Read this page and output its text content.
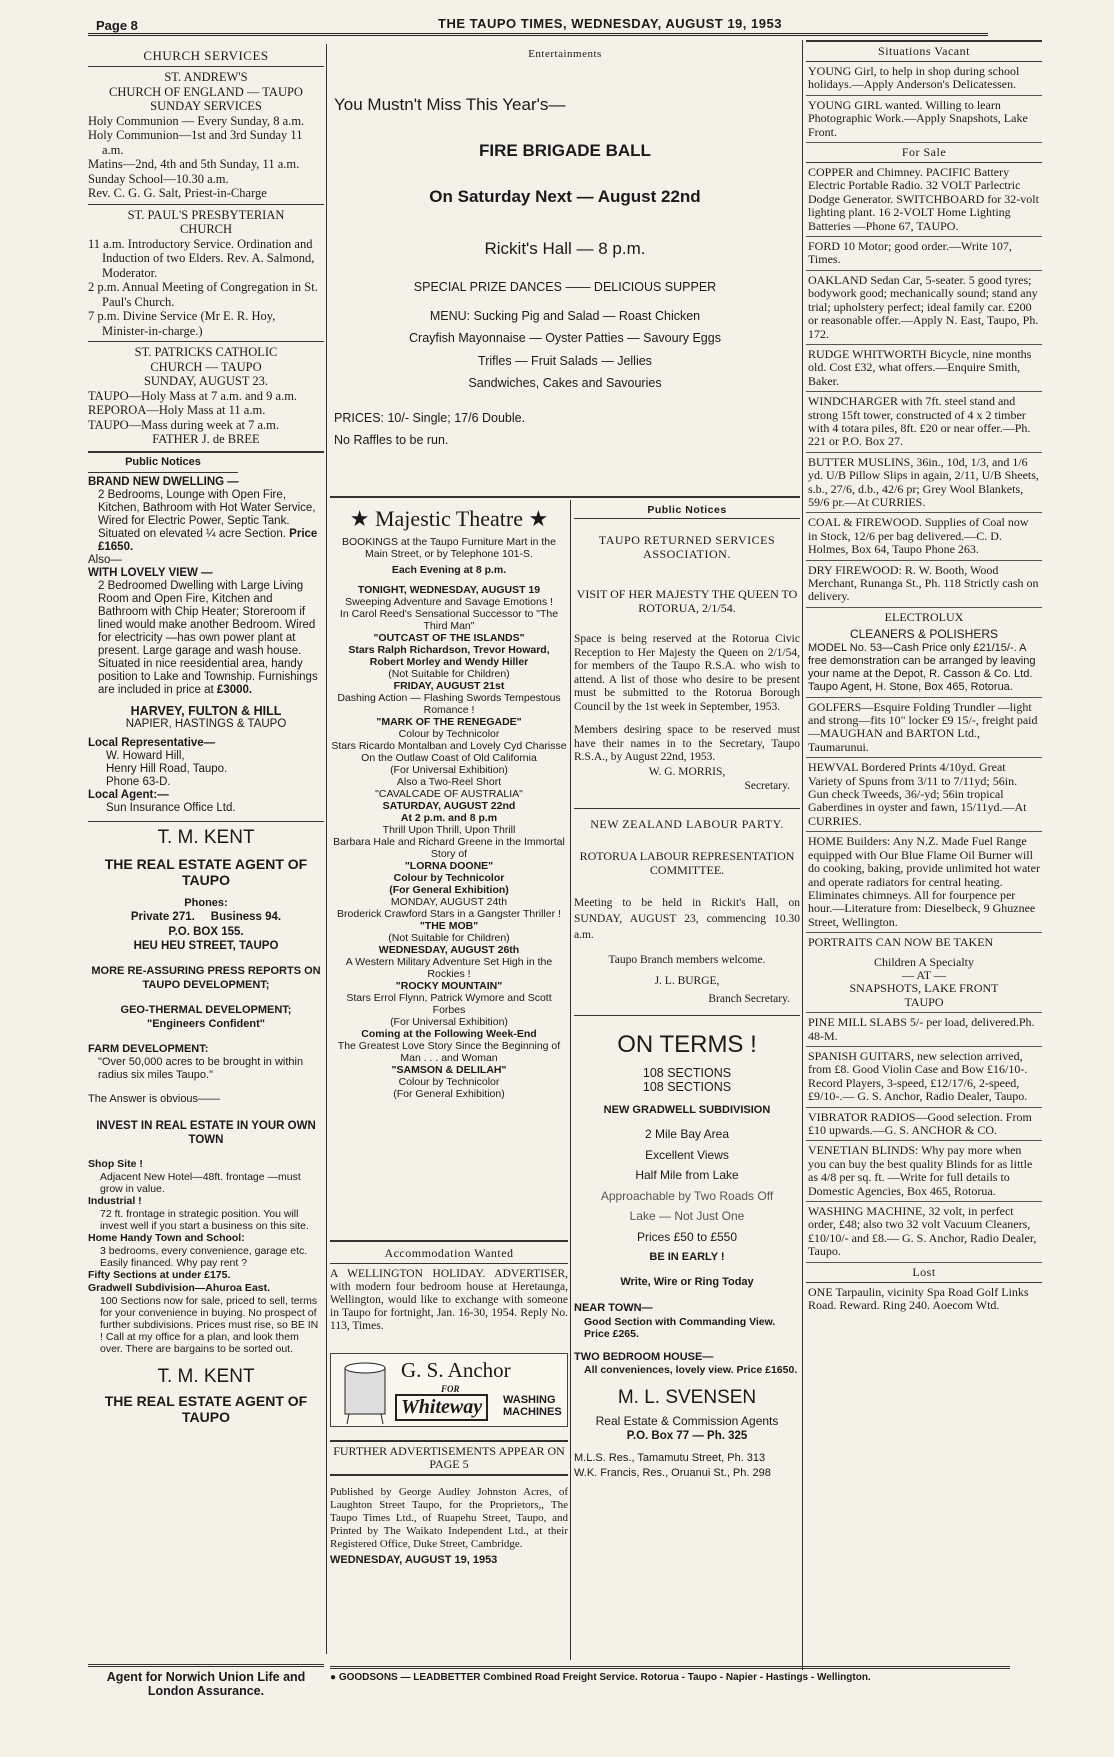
Page 8	THE TAUPO TIMES, WEDNESDAY, AUGUST 19, 1953
CHURCH SERVICES

ST. ANDREW'S

CHURCH OF ENGLAND — TAUPO

SUNDAY SERVICES

Holy Communion — Every Sunday, 8 a.m.

Holy Communion—1st and 3rd Sunday 11 a.m.

Matins—2nd, 4th and 5th Sunday, 11 a.m.

Sunday School—10.30 a.m.

Rev. C. G. G. Salt, Priest-in-Charge

ST. PAUL'S PRESBYTERIAN

CHURCH

11 a.m. Introductory Service. Ordination and Induction of two Elders. Rev. A. Salmond, Moderator.

2 p.m. Annual Meeting of Congregation in St. Paul's Church.

7 p.m. Divine Service (Mr E. R. Hoy, Minister-in-charge.)

ST. PATRICKS CATHOLIC

CHURCH — TAUPO

SUNDAY, AUGUST 23.

TAUPO—Holy Mass at 7 a.m. and 9 a.m.

REPOROA—Holy Mass at 11 a.m.

TAUPO—Mass during week at 7 a.m.

FATHER J. de BREE

Public Notices

BRAND NEW DWELLING —

2 Bedrooms, Lounge with Open Fire, Kitchen, Bathroom with Hot Water Service, Wired for Electric Power, Septic Tank. Situated on elevated ¼ acre Section. Price £1650.

Also—

WITH LOVELY VIEW —

2 Bedroomed Dwelling with Large Living Room and Open Fire, Kitchen and Bathroom with Chip Heater; Storeroom if lined would make another Bedroom. Wired for electricity —has own power plant at present. Large garage and wash house. Situated in nice reesidential area, handy position to Lake and Township. Furnishings are included in price at £3000.

HARVEY, FULTON & HILL

NAPIER, HASTINGS & TAUPO

Local Representative—

W. Howard Hill,

Henry Hill Road, Taupo.

Phone 63-D.

Local Agent:—

Sun Insurance Office Ltd.

T. M. KENT

THE REAL ESTATE AGENT OF TAUPO

Phones:

Private 271. Business 94.

P.O. BOX 155.

HEU HEU STREET, TAUPO

MORE RE-ASSURING PRESS REPORTS ON TAUPO DEVELOPMENT;

GEO-THERMAL DEVELOPMENT;

"Engineers Confident"

FARM DEVELOPMENT:

"Over 50,000 acres to be brought in within radius six miles Taupo."

The Answer is obvious——

INVEST IN REAL ESTATE IN YOUR OWN TOWN

Shop Site !

Adjacent New Hotel—48ft. frontage —must grow in value.

Industrial !

72 ft. frontage in strategic position. You will invest well if you start a business on this site.

Home Handy Town and School:

3 bedrooms, every convenience, garage etc. Easily financed. Why pay rent ?

Fifty Sections at under £175.

Gradwell Subdivision—Ahuroa East.

100 Sections now for sale, priced to sell, terms for your convenience in buying. No prospect of further subdivisions. Prices must rise, so BE IN ! Call at my office for a plan, and look them over. There are bargains to be sorted out.

T. M. KENT

THE REAL ESTATE AGENT OF TAUPO

Agent for Norwich Union Life and London Assurance.

Entertainments

You Mustn't Miss This Year's—

FIRE BRIGADE BALL

On Saturday Next — August 22nd

Rickit's Hall — 8 p.m.

SPECIAL PRIZE DANCES —— DELICIOUS SUPPER

MENU: Sucking Pig and Salad — Roast Chicken

Crayfish Mayonnaise — Oyster Patties — Savoury Eggs

Trifles — Fruit Salads — Jellies

Sandwiches, Cakes and Savouries

PRICES: 10/- Single; 17/6 Double.

No Raffles to be run.

★ Majestic Theatre ★

BOOKINGS at the Taupo Furniture Mart in the Main Street, or by Telephone 101-S.

Each Evening at 8 p.m.

TONIGHT, WEDNESDAY, AUGUST 19

Sweeping Adventure and Savage Emotions !

In Carol Reed's Sensational Successor to "The Third Man"

"OUTCAST OF THE ISLANDS"

Stars Ralph Richardson, Trevor Howard, Robert Morley and Wendy Hiller

(Not Suitable for Children)

FRIDAY, AUGUST 21st

Dashing Action — Flashing Swords Tempestous Romance !

"MARK OF THE RENEGADE"

Colour by Technicolor

Stars Ricardo Montalban and Lovely Cyd Charisse

On the Outlaw Coast of Old California

(For Universal Exhibition)

Also a Two-Reel Short

"CAVALCADE OF AUSTRALIA"

SATURDAY, AUGUST 22nd

At 2 p.m. and 8 p.m

Thrill Upon Thrill, Upon Thrill

Barbara Hale and Richard Greene in the Immortal Story of

"LORNA DOONE"

Colour by Technicolor

(For General Exhibition)

MONDAY, AUGUST 24th

Broderick Crawford Stars in a Gangster Thriller !

"THE MOB"

(Not Suitable for Children)

WEDNESDAY, AUGUST 26th

A Western Military Adventure Set High in the Rockies !

"ROCKY MOUNTAIN"

Stars Errol Flynn, Patrick Wymore and Scott Forbes

(For Universal Exhibition)

Coming at the Following Week-End

The Greatest Love Story Since the Beginning of Man . . . and Woman

"SAMSON & DELILAH"

Colour by Technicolor

(For General Exhibition)

Accommodation Wanted

A WELLINGTON HOLIDAY. ADVERTISER, with modern four bedroom house at Heretaunga, Wellington, would like to exchange with someone in Taupo for fortnight, Jan. 16-30, 1954. Reply No. 113, Times.

G. S. Anchor
FOR
Whiteway	WASHING
MACHINES

FURTHER ADVERTISEMENTS APPEAR ON PAGE 5

Published by George Audley Johnston Acres, of Laughton Street Taupo, for the Proprietors,, The Taupo Times Ltd., of Ruapehu Street, Taupo, and Printed by The Waikato Independent Ltd., at their Registered Office, Duke Street, Cambridge.

WEDNESDAY, AUGUST 19, 1953

Public Notices

TAUPO RETURNED SERVICES ASSOCIATION.

VISIT OF HER MAJESTY THE QUEEN TO ROTORUA, 2/1/54.

Space is being reserved at the Rotorua Civic Reception to Her Majesty the Queen on 2/1/54, for members of the Taupo R.S.A. who wish to attend. A list of those who desire to be present must be submitted to the Rotorua Borough Council by the 1st week in September, 1953.

Members desiring space to be reserved must have their names in to the Secretary, Taupo R.S.A., by August 22nd, 1953.

W. G. MORRIS,

Secretary.

NEW ZEALAND LABOUR PARTY.

ROTORUA LABOUR REPRESENTATION COMMITTEE.

Meeting to be held in Rickit's Hall, on SUNDAY, AUGUST 23, commencing 10.30 a.m.

Taupo Branch members welcome.

J. L. BURGE,

Branch Secretary.

ON TERMS !

108 SECTIONS

108 SECTIONS

NEW GRADWELL SUBDIVISION

2 Mile Bay Area

Excellent Views

Half Mile from Lake

Approachable by Two Roads Off

Lake — Not Just One

Prices £50 to £550

BE IN EARLY !

Write, Wire or Ring Today

NEAR TOWN—

Good Section with Commanding View. Price £265.

TWO BEDROOM HOUSE—

All conveniences, lovely view. Price £1650.

M. L. SVENSEN

Real Estate & Commission Agents

P.O. Box 77 — Ph. 325

M.L.S. Res., Tamamutu Street, Ph. 313

W.K. Francis, Res., Oruanui St., Ph. 298

● GOODSONS — LEADBETTER Combined Road Freight Service. Rotorua - Taupo - Napier - Hastings - Wellington.
Situations Vacant

YOUNG Girl, to help in shop during school holidays.—Apply Anderson's Delicatessen.

YOUNG GIRL wanted. Willing to learn Photographic Work.—Apply Snapshots, Lake Front.

For Sale

COPPER and Chimney. PACIFIC Battery Electric Portable Radio. 32 VOLT Parlectric Dodge Generator. SWITCHBOARD for 32-volt lighting plant. 16 2-VOLT Home Lighting Batteries —Phone 67, TAUPO.

FORD 10 Motor; good order.—Write 107, Times.

OAKLAND Sedan Car, 5-seater. 5 good tyres; bodywork good; mechanically sound; stand any trial; upholstery perfect; ideal family car. £200 or reasonable offer.—Apply N. East, Taupo, Ph. 172.

RUDGE WHITWORTH Bicycle, nine months old. Cost £32, what offers.—Enquire Smith, Baker.

WINDCHARGER with 7ft. steel stand and strong 15ft tower, constructed of 4 x 2 timber with 4 totara piles, 8ft. £20 or near offer.—Ph. 221 or P.O. Box 27.

BUTTER MUSLINS, 36in., 10d, 1/3, and 1/6 yd. U/B Pillow Slips in again, 2/11, U/B Sheets, s.b., 27/6, d.b., 42/6 pr; Grey Wool Blankets, 59/6 pr.—At CURRIES.

COAL & FIREWOOD. Supplies of Coal now in Stock, 12/6 per bag delivered.—C. D. Holmes, Box 64, Taupo Phone 263.

DRY FIREWOOD: R. W. Booth, Wood Merchant, Runanga St., Ph. 118 Strictly cash on delivery.

ELECTROLUX

CLEANERS & POLISHERS

MODEL No. 53—Cash Price only £21/15/-. A free demonstration can be arranged by leaving your name at the Depot, R. Casson & Co. Ltd. Taupo Agent, H. Stone, Box 465, Rotorua.

GOLFERS—Esquire Folding Trundler —light and strong—fits 10" locker £9 15/-, freight paid—MAUGHAN and BARTON Ltd., Taumarunui.

HEWVAL Bordered Prints 4/10yd. Great Variety of Spuns from 3/11 to 7/11yd; 56in. Gun check Tweeds, 36/-yd; 56in tropical Gaberdines in oyster and fawn, 15/11yd.—At CURRIES.

HOME Builders: Any N.Z. Made Fuel Range equipped with Our Blue Flame Oil Burner will do cooking, baking, provide unlimited hot water and operate radiators for central heating. Eliminates chimneys. All for fourpence per hour.—Literature from: Dieselbeck, 9 Ghuznee Street, Wellington.

PORTRAITS CAN NOW BE TAKEN

Children A Specialty

— AT —

SNAPSHOTS, LAKE FRONT

TAUPO

PINE MILL SLABS 5/- per load, delivered.Ph. 48-M.

SPANISH GUITARS, new selection arrived, from £8. Good Violin Case and Bow £16/10-. Record Players, 3-speed, £12/17/6, 2-speed, £9/10-.— G. S. Anchor, Radio Dealer, Taupo.

VIBRATOR RADIOS—Good selection. From £10 upwards.—G. S. ANCHOR & CO.

VENETIAN BLINDS: Why pay more when you can buy the best quality Blinds for as little as 4/8 per sq. ft. —Write for full details to Domestic Agencies, Box 465, Rotorua.

WASHING MACHINE, 32 volt, in perfect order, £48; also two 32 volt Vacuum Cleaners, £10/10/- and £8.— G. S. Anchor, Radio Dealer, Taupo.

Lost

ONE Tarpaulin, vicinity Spa Road Golf Links Road. Reward. Ring 240. Aoecom Wtd.
